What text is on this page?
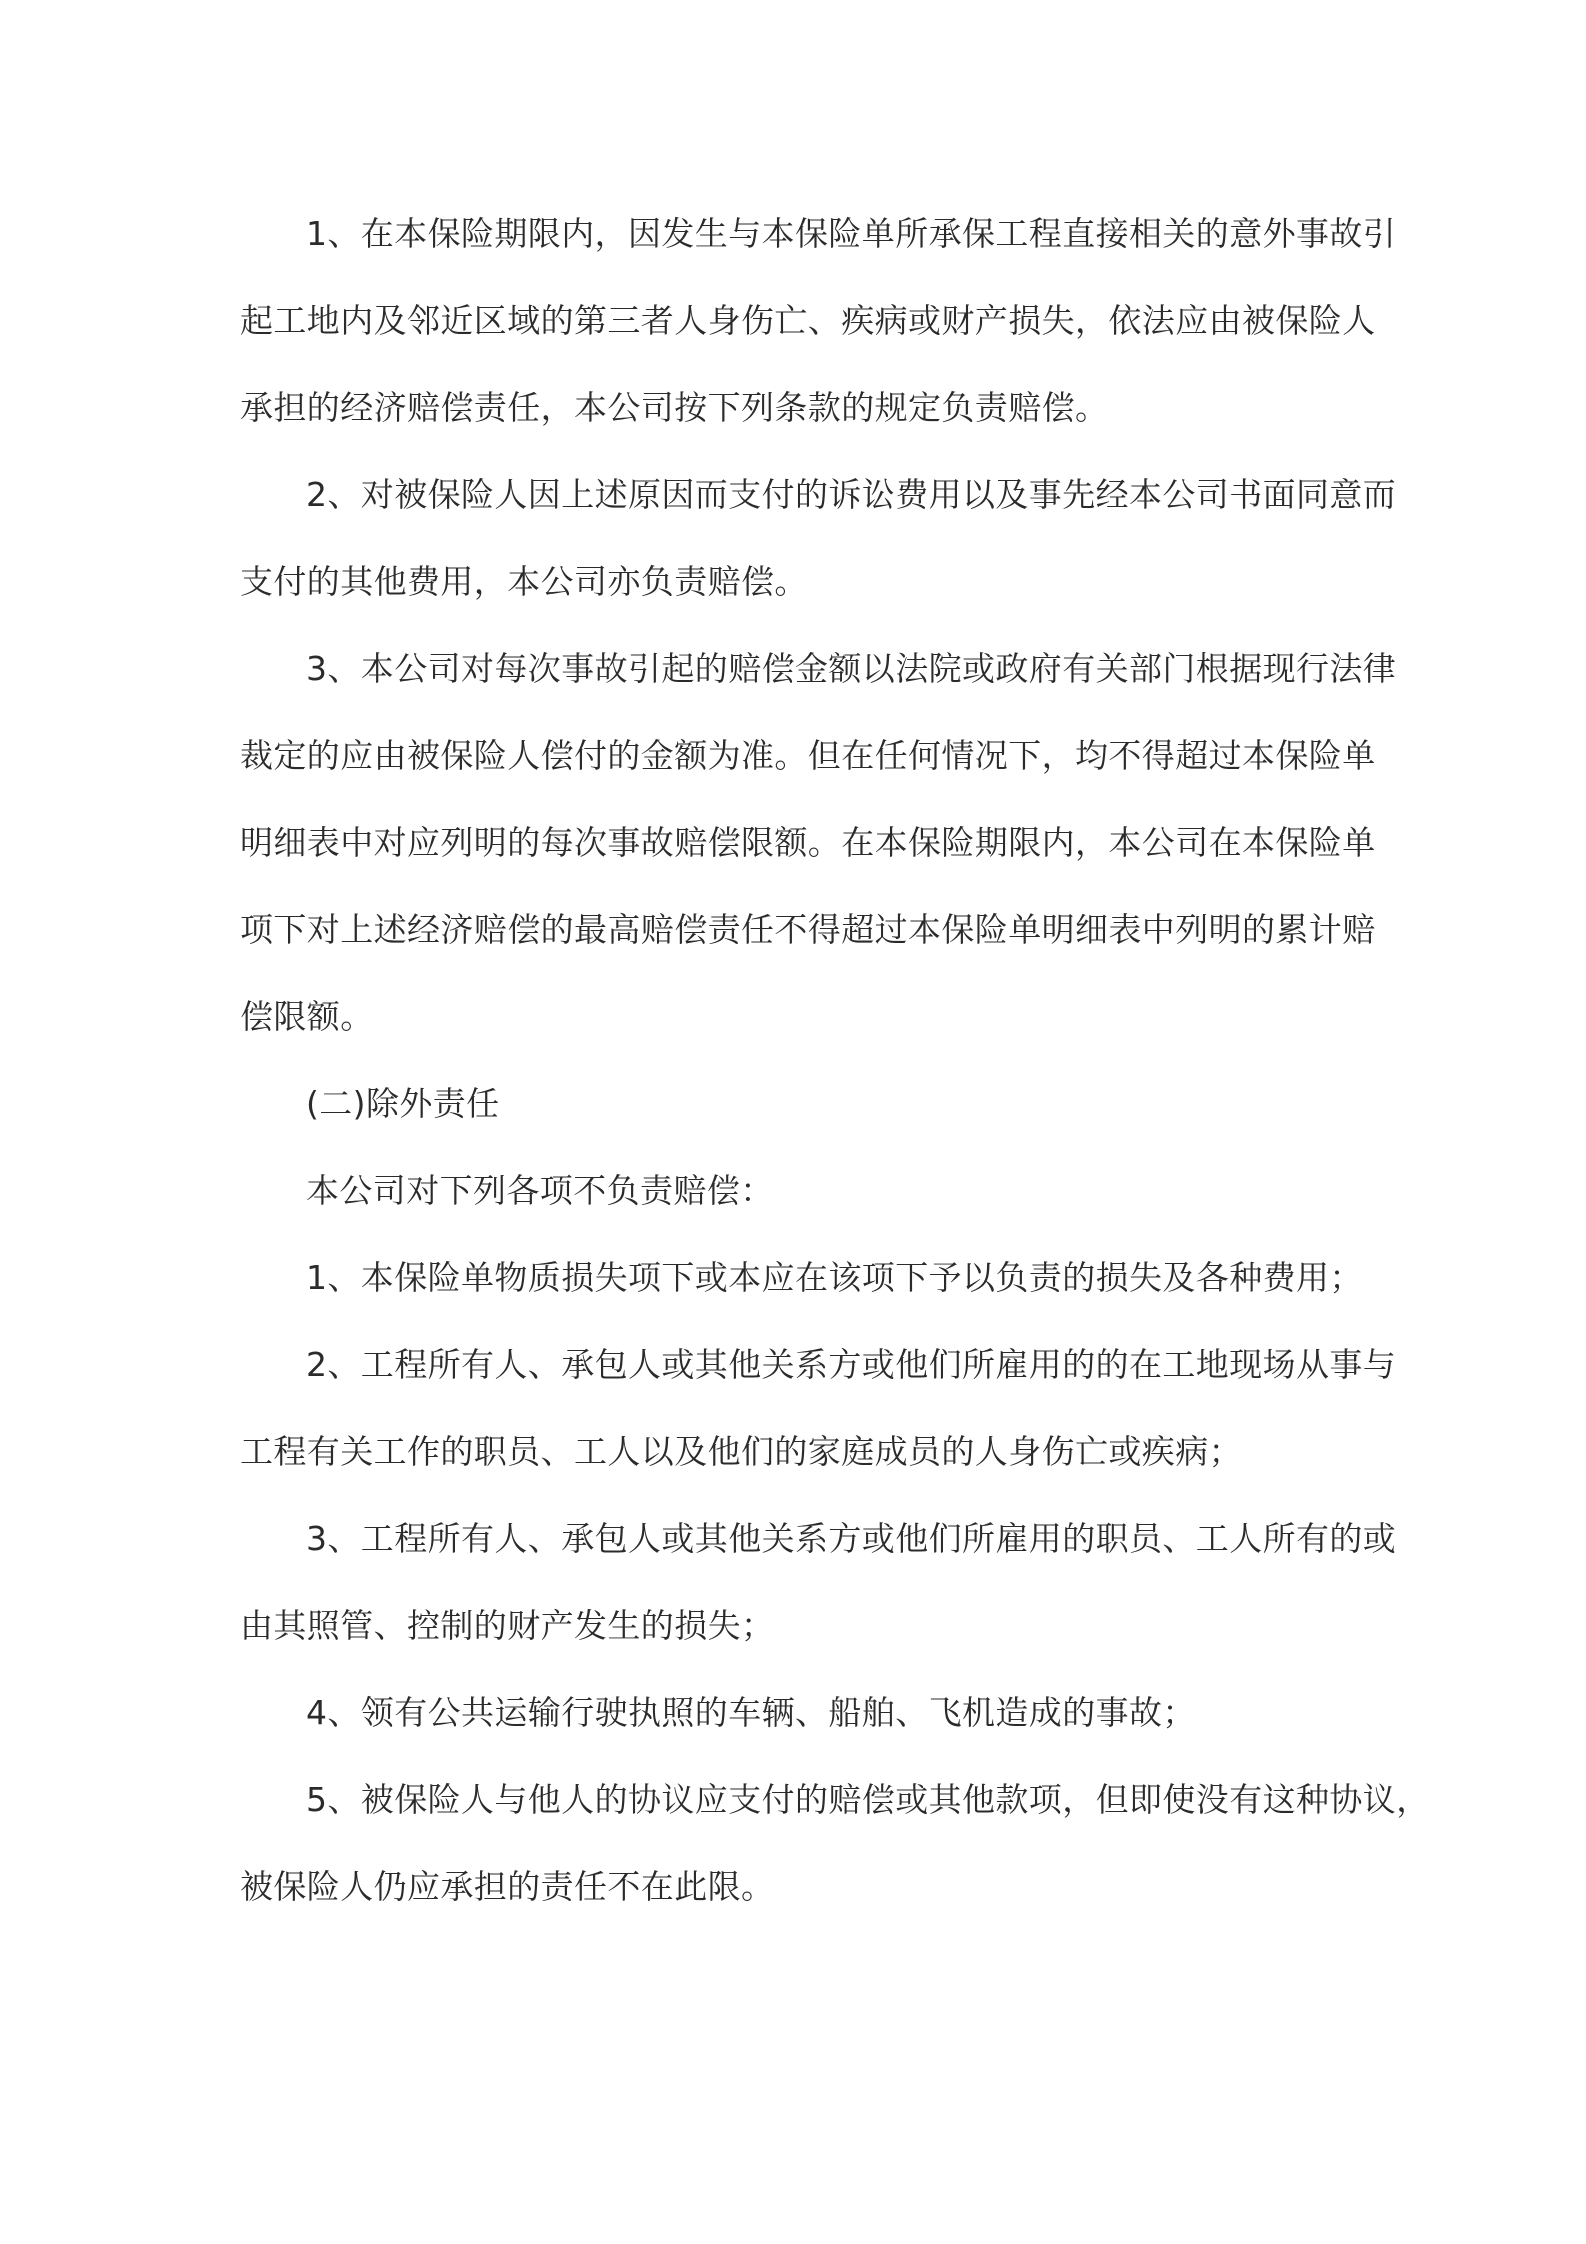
1、在本保险期限内，因发生与本保险单所承保工程直接相关的意外事故引
起工地内及邻近区域的第三者人身伤亡、疾病或财产损失，依法应由被保险人
承担的经济赔偿责任，本公司按下列条款的规定负责赔偿。
2、对被保险人因上述原因而支付的诉讼费用以及事先经本公司书面同意而
支付的其他费用，本公司亦负责赔偿。
3、本公司对每次事故引起的赔偿金额以法院或政府有关部门根据现行法律
裁定的应由被保险人偿付的金额为准。但在任何情况下，均不得超过本保险单
明细表中对应列明的每次事故赔偿限额。在本保险期限内，本公司在本保险单
项下对上述经济赔偿的最高赔偿责任不得超过本保险单明细表中列明的累计赔
偿限额。
(二)除外责任
本公司对下列各项不负责赔偿：
1、本保险单物质损失项下或本应在该项下予以负责的损失及各种费用；
2、工程所有人、承包人或其他关系方或他们所雇用的的在工地现场从事与
工程有关工作的职员、工人以及他们的家庭成员的人身伤亡或疾病；
3、工程所有人、承包人或其他关系方或他们所雇用的职员、工人所有的或
由其照管、控制的财产发生的损失；
4、领有公共运输行驶执照的车辆、船舶、飞机造成的事故；
5、被保险人与他人的协议应支付的赔偿或其他款项，但即使没有这种协议，
被保险人仍应承担的责任不在此限。
